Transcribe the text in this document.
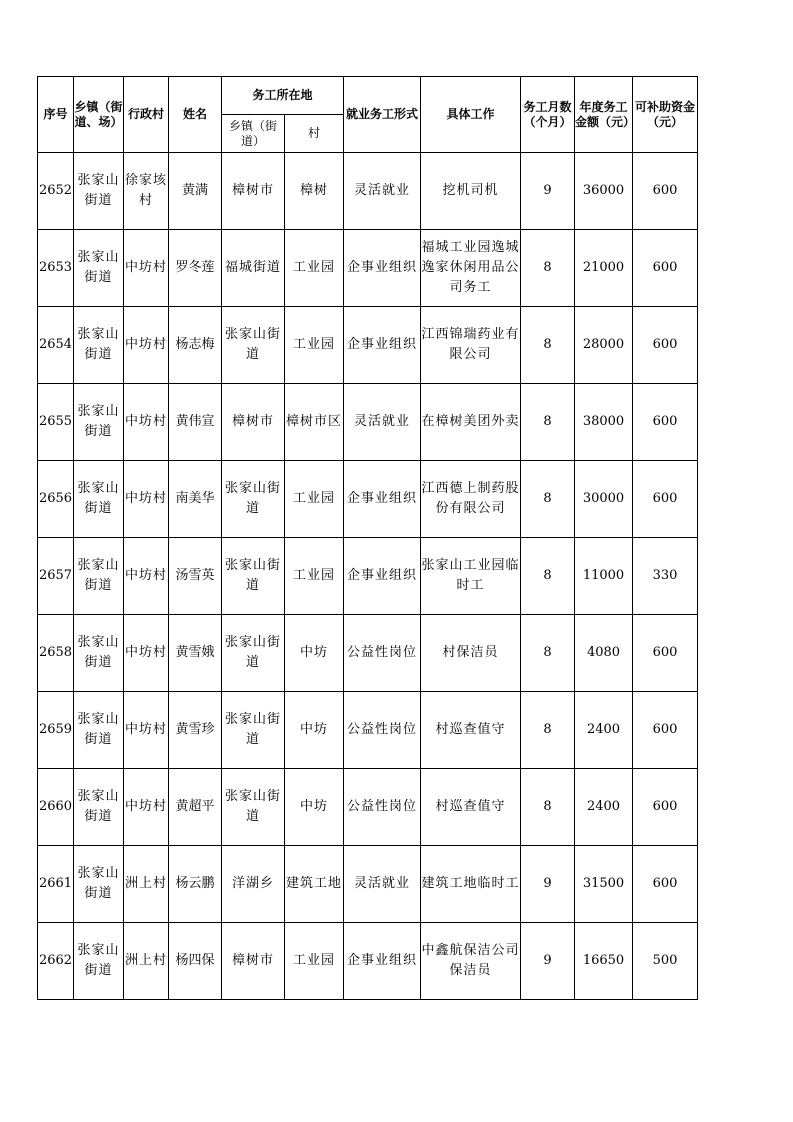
序号	乡镇（街道、场）	行政村	姓名	务工所在地		就业务工形式	具体工作	务工月数（个月）	年度务工金额（元）	可补助资金（元）
				乡镇（街道）	村					
2652	张家山街道	徐家垓村	黄满	樟树市	樟树	灵活就业	挖机司机	9	36000	600
2653	张家山街道	中坊村	罗冬莲	福城街道	工业园	企事业组织	福城工业园逸城逸家休闲用品公司务工	8	21000	600
2654	张家山街道	中坊村	杨志梅	张家山街道	工业园	企事业组织	江西锦瑞药业有限公司	8	28000	600
2655	张家山街道	中坊村	黄伟宣	樟树市	樟树市区	灵活就业	在樟树美团外卖	8	38000	600
2656	张家山街道	中坊村	南美华	张家山街道	工业园	企事业组织	江西德上制药股份有限公司	8	30000	600
2657	张家山街道	中坊村	汤雪英	张家山街道	工业园	企事业组织	张家山工业园临时工	8	11000	330
2658	张家山街道	中坊村	黄雪娥	张家山街道	中坊	公益性岗位	村保洁员	8	4080	600
2659	张家山街道	中坊村	黄雪珍	张家山街道	中坊	公益性岗位	村巡查值守	8	2400	600
2660	张家山街道	中坊村	黄超平	张家山街道	中坊	公益性岗位	村巡查值守	8	2400	600
2661	张家山街道	洲上村	杨云鹏	洋湖乡	建筑工地	灵活就业	建筑工地临时工	9	31500	600
2662	张家山街道	洲上村	杨四保	樟树市	工业园	企事业组织	中鑫航保洁公司保洁员	9	16650	500
